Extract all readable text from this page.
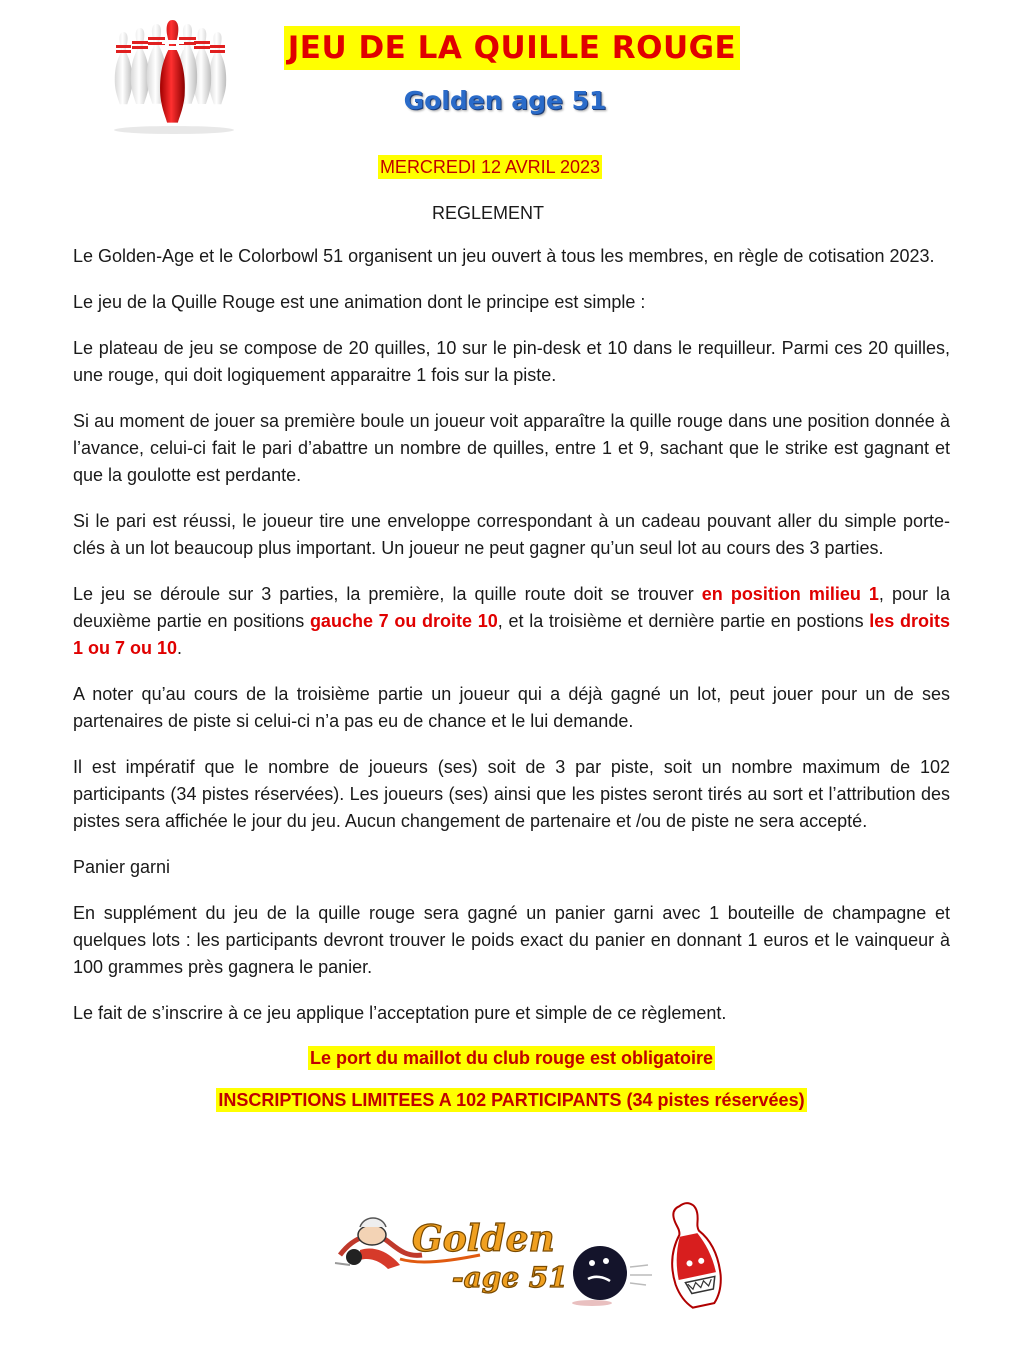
JEU DE LA QUILLE ROUGE
Golden age 51
MERCREDI 12 AVRIL 2023
REGLEMENT

Le Golden-Age et le Colorbowl 51 organisent un jeu ouvert à tous les membres, en règle de cotisation 2023.

Le jeu de la Quille Rouge est une animation dont le principe est simple :

Le plateau de jeu se compose de 20 quilles, 10 sur le pin-desk et 10 dans le requilleur. Parmi ces 20 quilles, une rouge, qui doit logiquement apparaitre 1 fois sur la piste.

Si au moment de jouer sa première boule un joueur voit apparaître la quille rouge dans une position donnée à l’avance, celui-ci fait le pari d’abattre un nombre de quilles, entre 1 et 9, sachant que le strike est gagnant et que la goulotte est perdante.

Si le pari est réussi, le joueur tire une enveloppe correspondant à un cadeau pouvant aller du simple porte-clés à un lot beaucoup plus important. Un joueur ne peut gagner qu’un seul lot au cours des 3 parties.

Le jeu se déroule sur 3 parties, la première, la quille route doit se trouver en position milieu 1, pour la deuxième partie en positions gauche 7 ou droite 10, et la troisième et dernière partie en postions les droits 1 ou 7 ou 10.

A noter qu’au cours de la troisième partie un joueur qui a déjà gagné un lot, peut jouer pour un de ses partenaires de piste si celui-ci n’a pas eu de chance et le lui demande.

Il est impératif que le nombre de joueurs (ses) soit de 3 par piste, soit un nombre maximum de 102 participants (34 pistes réservées). Les joueurs (ses) ainsi que les pistes seront tirés au sort et l’attribution des pistes sera affichée le jour du jeu. Aucun changement de partenaire et /ou de piste ne sera accepté.

Panier garni

En supplément du jeu de la quille rouge sera gagné un panier garni avec 1 bouteille de champagne et quelques lots : les participants devront trouver le poids exact du panier en donnant 1 euros et le vainqueur à 100 grammes près gagnera le panier.

Le fait de s’inscrire à ce jeu applique l’acceptation pure et simple de ce règlement.

Le port du maillot du club rouge est obligatoire
INSCRIPTIONS LIMITEES A 102 PARTICIPANTS (34 pistes réservées)
Golden
-age 51
